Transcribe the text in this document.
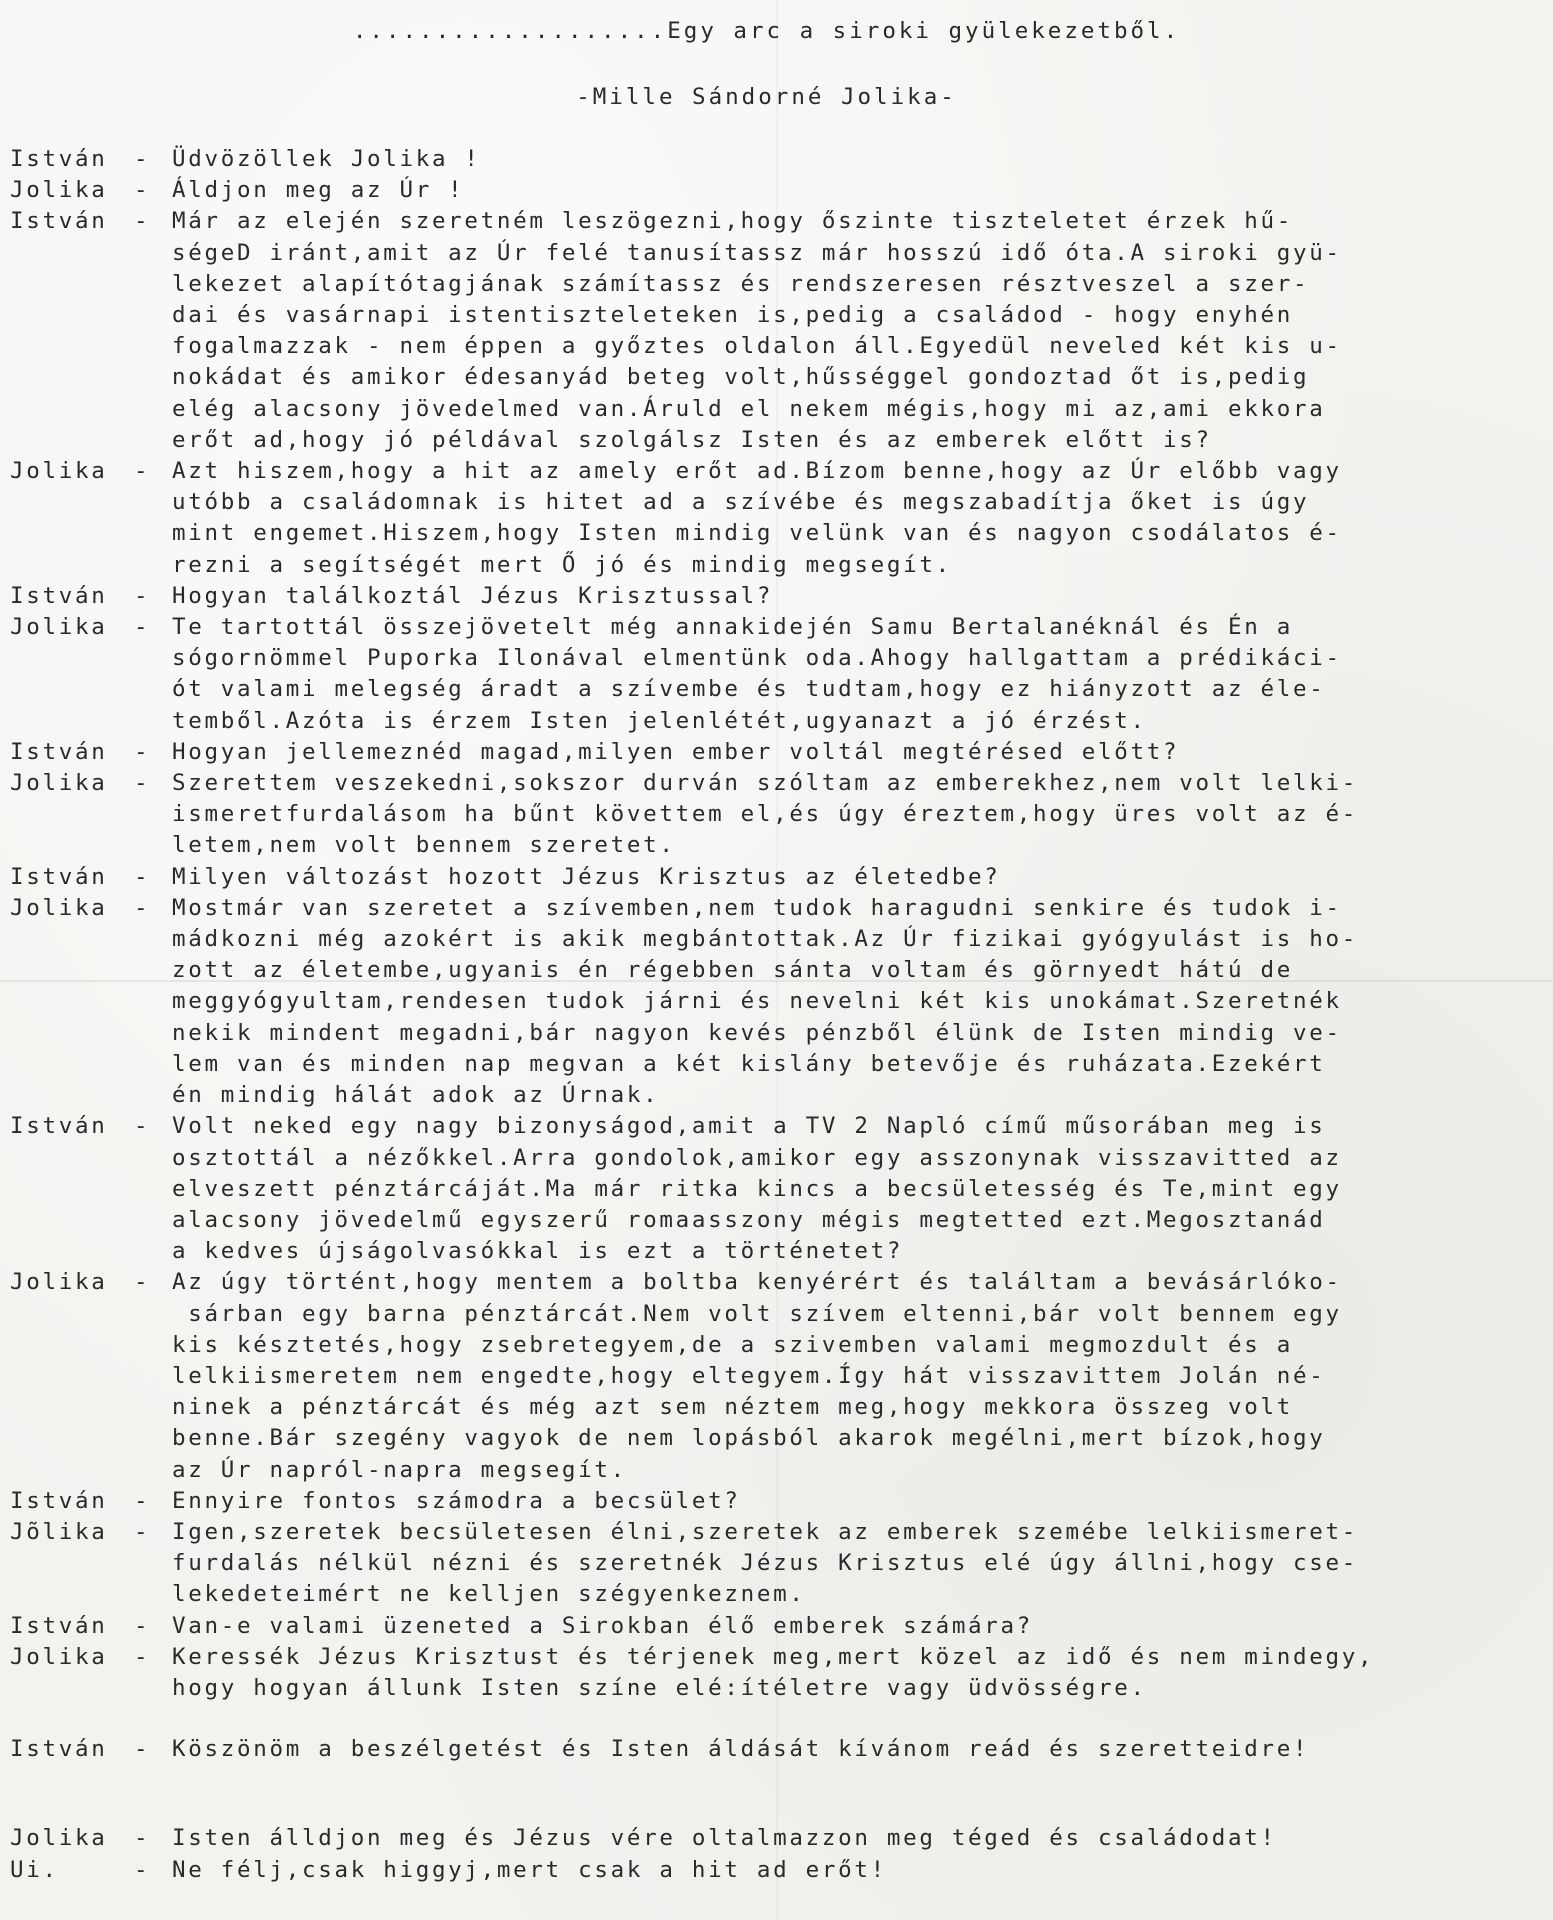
...................Egy arc a siroki gyülekezetből.
-Mille Sándorné Jolika-
István	- Üdvözöllek Jolika !
Jolika	- Áldjon meg az Úr !
István	- Már az elején szeretném leszögezni,hogy őszinte tiszteletet érzek hű-
ségeD iránt,amit az Úr felé tanusítassz már hosszú idő óta.A siroki gyü-
lekezet alapítótagjának számítassz és rendszeresen résztveszel a szer-
dai és vasárnapi istentiszteleteken is,pedig a családod - hogy enyhén
fogalmazzak - nem éppen a győztes oldalon áll.Egyedül neveled két kis u-
nokádat és amikor édesanyád beteg volt,hűsséggel gondoztad őt is,pedig
elég alacsony jövedelmed van.Áruld el nekem mégis,hogy mi az,ami ekkora
erőt ad,hogy jó példával szolgálsz Isten és az emberek előtt is?
Jolika	- Azt hiszem,hogy a hit az amely erőt ad.Bízom benne,hogy az Úr előbb vagy
utóbb a családomnak is hitet ad a szívébe és megszabadítja őket is úgy
mint engemet.Hiszem,hogy Isten mindig velünk van és nagyon csodálatos é-
rezni a segítségét mert Ő jó és mindig megsegít.
István	- Hogyan találkoztál Jézus Krisztussal?
Jolika	- Te tartottál összejövetelt még annakidején Samu Bertalanéknál és Én a
sógornömmel Puporka Ilonával elmentünk oda.Ahogy hallgattam a prédikáci-
ót valami melegség áradt a szívembe és tudtam,hogy ez hiányzott az éle-
temből.Azóta is érzem Isten jelenlétét,ugyanazt a jó érzést.
István	- Hogyan jellemeznéd magad,milyen ember voltál megtérésed előtt?
Jolika	- Szerettem veszekedni,sokszor durván szóltam az emberekhez,nem volt lelki-
ismeretfurdalásom ha bűnt követtem el,és úgy éreztem,hogy üres volt az é-
letem,nem volt bennem szeretet.
István	- Milyen változást hozott Jézus Krisztus az életedbe?
Jolika	- Mostmár van szeretet a szívemben,nem tudok haragudni senkire és tudok i-
mádkozni még azokért is akik megbántottak.Az Úr fizikai gyógyulást is ho-
zott az életembe,ugyanis én régebben sánta voltam és görnyedt hátú de
meggyógyultam,rendesen tudok járni és nevelni két kis unokámat.Szeretnék
nekik mindent megadni,bár nagyon kevés pénzből élünk de Isten mindig ve-
lem van és minden nap megvan a két kislány betevője és ruházata.Ezekért
én mindig hálát adok az Úrnak.
István	- Volt neked egy nagy bizonyságod,amit a TV 2 Napló című műsorában meg is
osztottál a nézőkkel.Arra gondolok,amikor egy asszonynak visszavitted az
elveszett pénztárcáját.Ma már ritka kincs a becsületesség és Te,mint egy
alacsony jövedelmű egyszerű romaasszony mégis megtetted ezt.Megosztanád
a kedves újságolvasókkal is ezt a történetet?
Jolika	- Az úgy történt,hogy mentem a boltba kenyérért és találtam a bevásárlóko-
sárban egy barna pénztárcát.Nem volt szívem eltenni,bár volt bennem egy
kis késztetés,hogy zsebretegyem,de a szivemben valami megmozdult és a
lelkiismeretem nem engedte,hogy eltegyem.Így hát visszavittem Jolán né-
ninek a pénztárcát és még azt sem néztem meg,hogy mekkora összeg volt
benne.Bár szegény vagyok de nem lopásból akarok megélni,mert bízok,hogy
az Úr napról-napra megsegít.
István	- Ennyire fontos számodra a becsület?
Jõlika	- Igen,szeretek becsületesen élni,szeretek az emberek szemébe lelkiismeret-
furdalás nélkül nézni és szeretnék Jézus Krisztus elé úgy állni,hogy cse-
lekedeteimért ne kelljen szégyenkeznem.
István	- Van-e valami üzeneted a Sirokban élő emberek számára?
Jolika	- Keressék Jézus Krisztust és térjenek meg,mert közel az idő és nem mindegy,
hogy hogyan állunk Isten színe elé:ítéletre vagy üdvösségre.
István	- Köszönöm a beszélgetést és Isten áldását kívánom reád és szeretteidre!
Jolika	- Isten álldjon meg és Jézus vére oltalmazzon meg téged és családodat!
Ui.	- Ne félj,csak higgyj,mert csak a hit ad erőt!
